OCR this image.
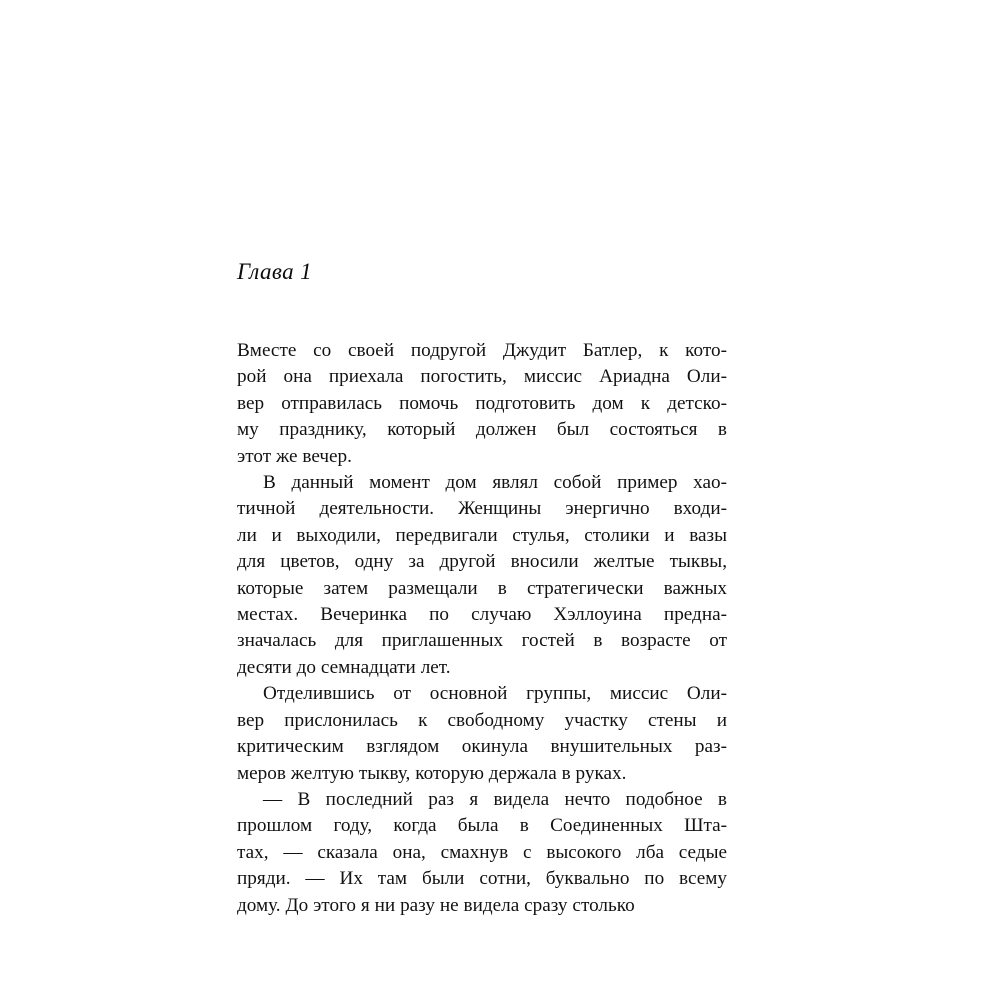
Глава 1

Вместе со своей подругой Джудит Батлер, к кото-
рой она приехала погостить, миссис Ариадна Оли-
вер отправилась помочь подготовить дом к детско-
му празднику, который должен был состояться в
этот же вечер.

В данный момент дом являл собой пример хао-
тичной деятельности. Женщины энергично входи-
ли и выходили, передвигали стулья, столики и вазы
для цветов, одну за другой вносили желтые тыквы,
которые затем размещали в стратегически важных
местах. Вечеринка по случаю Хэллоуина предна-
значалась для приглашенных гостей в возрасте от
десяти до семнадцати лет.

Отделившись от основной группы, миссис Оли-
вер прислонилась к свободному участку стены и
критическим взглядом окинула внушительных раз-
меров желтую тыкву, которую держала в руках.

— В последний раз я видела нечто подобное в
прошлом году, когда была в Соединенных Шта-
тах, — сказала она, смахнув с высокого лба седые
пряди. — Их там были сотни, буквально по всему
дому. До этого я ни разу не видела сразу столько
